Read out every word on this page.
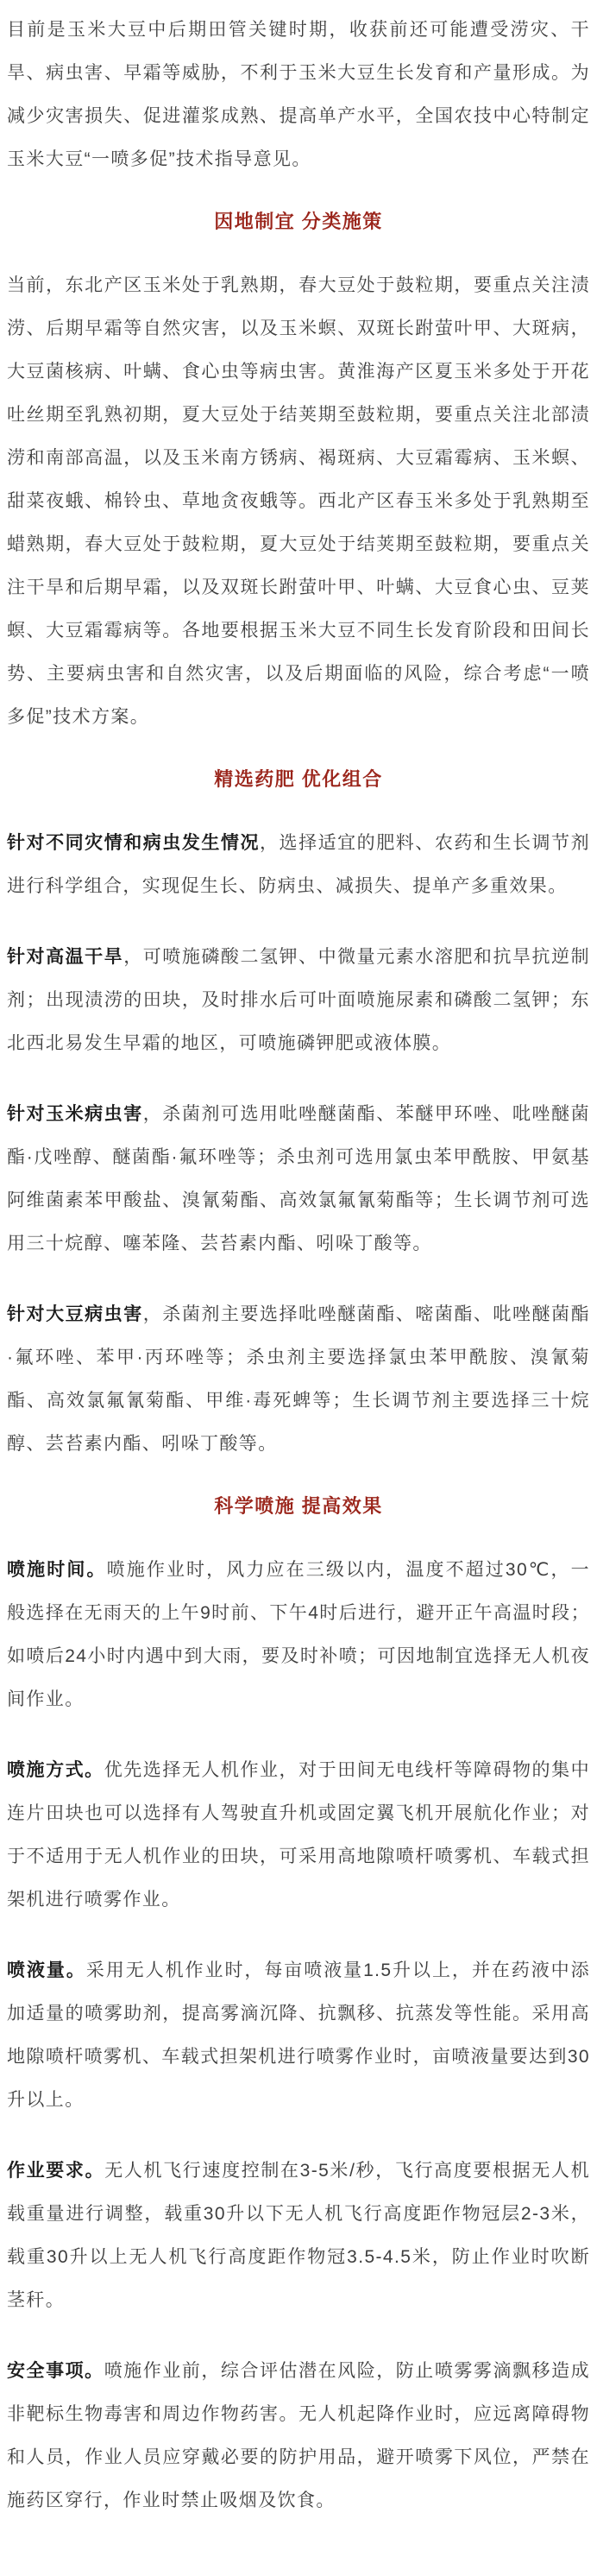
目前是玉米大豆中后期田管关键时期，收获前还可能遭受涝灾、干旱、病虫害、早霜等威胁，不利于玉米大豆生长发育和产量形成。为减少灾害损失、促进灌浆成熟、提高单产水平，全国农技中心特制定玉米大豆“一喷多促”技术指导意见。

因地制宜 分类施策

当前，东北产区玉米处于乳熟期，春大豆处于鼓粒期，要重点关注渍涝、后期早霜等自然灾害，以及玉米螟、双斑长跗萤叶甲、大斑病，大豆菌核病、叶螨、食心虫等病虫害。黄淮海产区夏玉米多处于开花吐丝期至乳熟初期，夏大豆处于结荚期至鼓粒期，要重点关注北部渍涝和南部高温，以及玉米南方锈病、褐斑病、大豆霜霉病、玉米螟、甜菜夜蛾、棉铃虫、草地贪夜蛾等。西北产区春玉米多处于乳熟期至蜡熟期，春大豆处于鼓粒期，夏大豆处于结荚期至鼓粒期，要重点关注干旱和后期早霜，以及双斑长跗萤叶甲、叶螨、大豆食心虫、豆荚螟、大豆霜霉病等。各地要根据玉米大豆不同生长发育阶段和田间长势、主要病虫害和自然灾害，以及后期面临的风险，综合考虑“一喷多促”技术方案。

精选药肥 优化组合

针对不同灾情和病虫发生情况，选择适宜的肥料、农药和生长调节剂进行科学组合，实现促生长、防病虫、减损失、提单产多重效果。

针对高温干旱，可喷施磷酸二氢钾、中微量元素水溶肥和抗旱抗逆制剂；出现渍涝的田块，及时排水后可叶面喷施尿素和磷酸二氢钾；东北西北易发生早霜的地区，可喷施磷钾肥或液体膜。

针对玉米病虫害，杀菌剂可选用吡唑醚菌酯、苯醚甲环唑、吡唑醚菌酯·戊唑醇、醚菌酯·氟环唑等；杀虫剂可选用氯虫苯甲酰胺、甲氨基阿维菌素苯甲酸盐、溴氰菊酯、高效氯氟氰菊酯等；生长调节剂可选用三十烷醇、噻苯隆、芸苔素内酯、吲哚丁酸等。

针对大豆病虫害，杀菌剂主要选择吡唑醚菌酯、嘧菌酯、吡唑醚菌酯·氟环唑、苯甲·丙环唑等；杀虫剂主要选择氯虫苯甲酰胺、溴氰菊酯、高效氯氟氰菊酯、甲维·毒死蜱等；生长调节剂主要选择三十烷醇、芸苔素内酯、吲哚丁酸等。

科学喷施 提高效果

喷施时间。喷施作业时，风力应在三级以内，温度不超过30℃，一般选择在无雨天的上午9时前、下午4时后进行，避开正午高温时段；如喷后24小时内遇中到大雨，要及时补喷；可因地制宜选择无人机夜间作业。

喷施方式。优先选择无人机作业，对于田间无电线杆等障碍物的集中连片田块也可以选择有人驾驶直升机或固定翼飞机开展航化作业；对于不适用于无人机作业的田块，可采用高地隙喷杆喷雾机、车载式担架机进行喷雾作业。

喷液量。采用无人机作业时，每亩喷液量1.5升以上，并在药液中添加适量的喷雾助剂，提高雾滴沉降、抗飘移、抗蒸发等性能。采用高地隙喷杆喷雾机、车载式担架机进行喷雾作业时，亩喷液量要达到30升以上。

作业要求。无人机飞行速度控制在3-5米/秒，飞行高度要根据无人机载重量进行调整，载重30升以下无人机飞行高度距作物冠层2-3米，载重30升以上无人机飞行高度距作物冠3.5-4.5米，防止作业时吹断茎秆。

安全事项。喷施作业前，综合评估潜在风险，防止喷雾雾滴飘移造成非靶标生物毒害和周边作物药害。无人机起降作业时，应远离障碍物和人员，作业人员应穿戴必要的防护用品，避开喷雾下风位，严禁在施药区穿行，作业时禁止吸烟及饮食。
